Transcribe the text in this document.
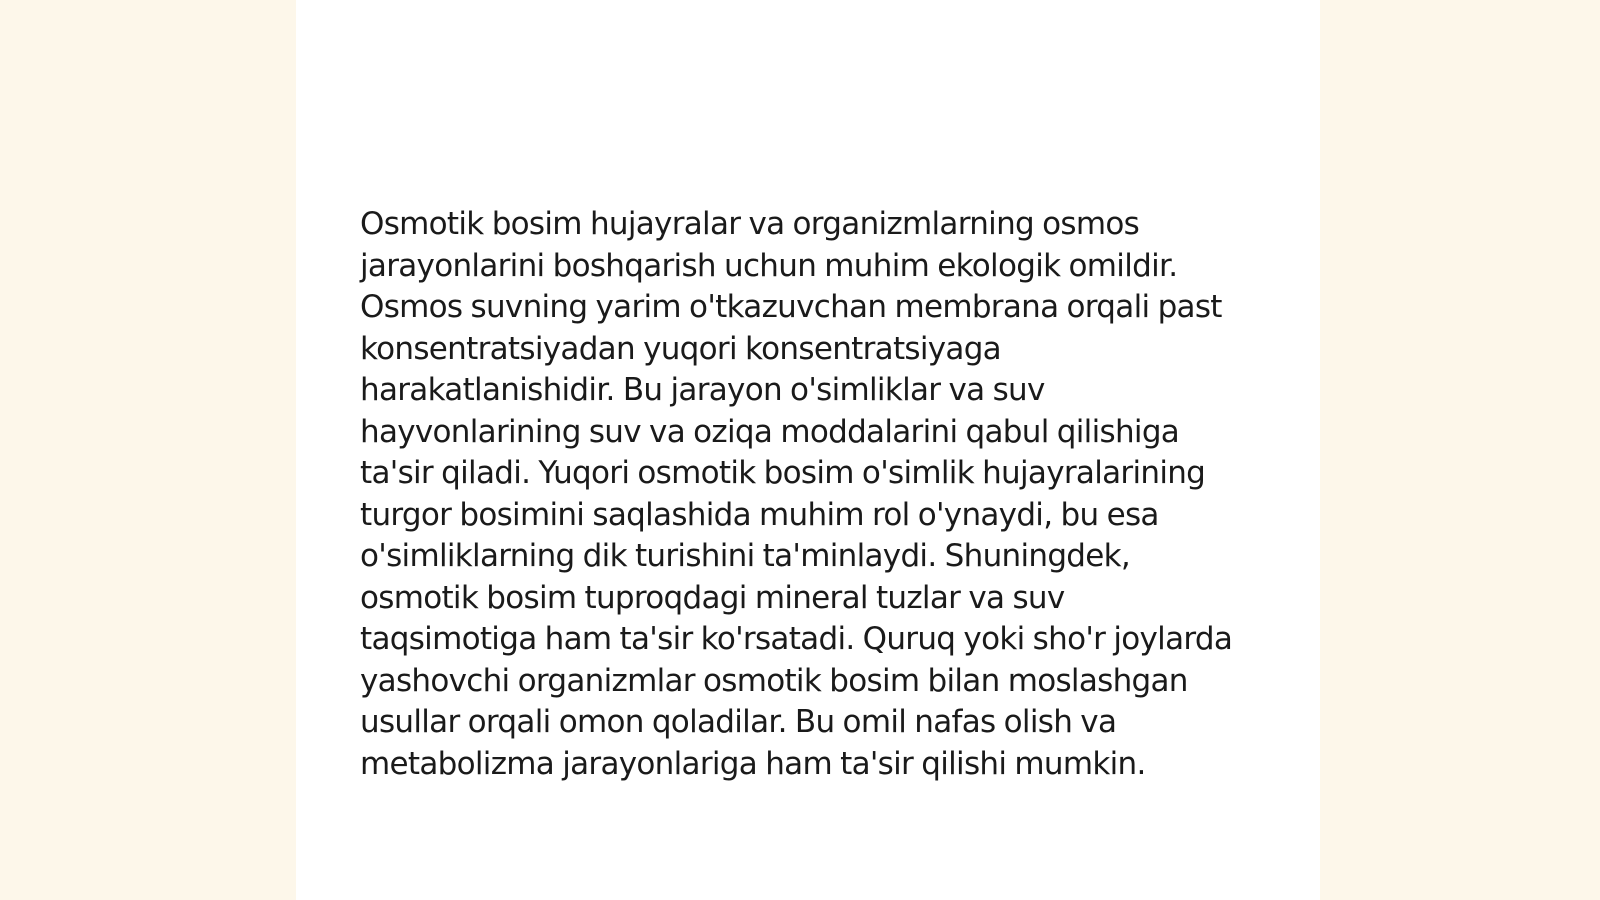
Osmotik bosim hujayralar va organizmlarning osmos jarayonlarini boshqarish uchun muhim ekologik omildir. Osmos suvning yarim o'tkazuvchan membrana orqali past konsentratsiyadan yuqori konsentratsiyaga harakatlanishidir. Bu jarayon o'simliklar va suv hayvonlarining suv va oziqa moddalarini qabul qilishiga ta'sir qiladi. Yuqori osmotik bosim o'simlik hujayralarining turgor bosimini saqlashida muhim rol o'ynaydi, bu esa o'simliklarning dik turishini ta'minlaydi. Shuningdek, osmotik bosim tuproqdagi mineral tuzlar va suv taqsimotiga ham ta'sir ko'rsatadi. Quruq yoki sho'r joylarda yashovchi organizmlar osmotik bosim bilan moslashgan usullar orqali omon qoladilar. Bu omil nafas olish va metabolizma jarayonlariga ham ta'sir qilishi mumkin.
